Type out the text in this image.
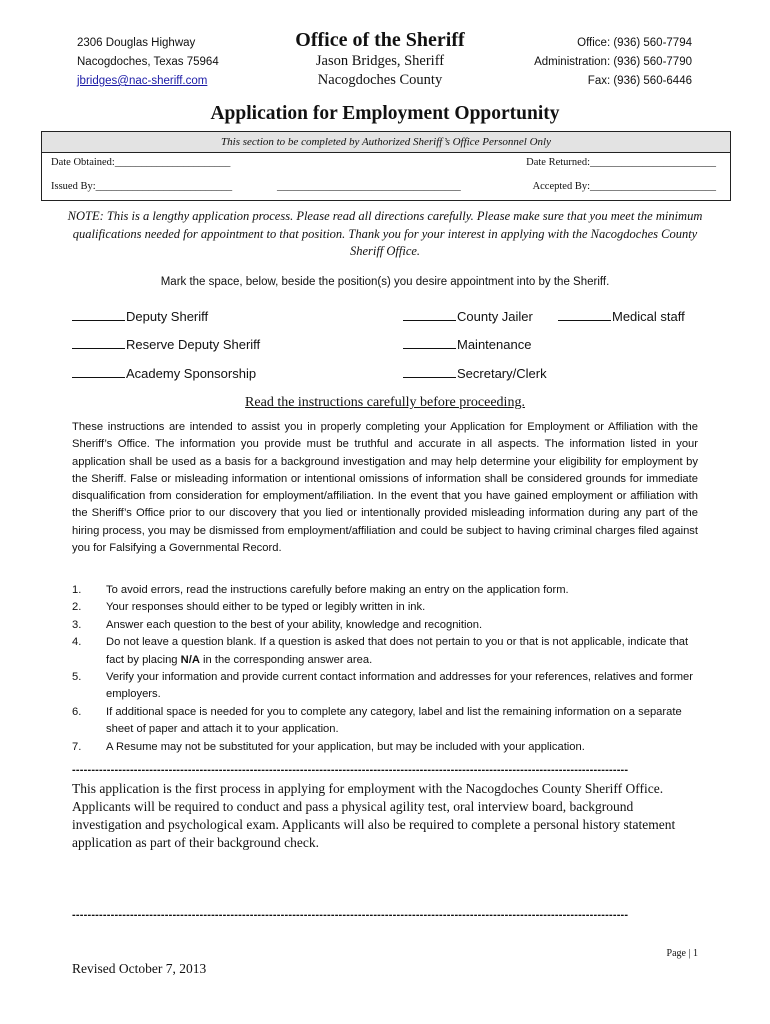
2306 Douglas Highway
Nacogdoches, Texas 75964
jbridges@nac-sheriff.com
Office of the Sheriff
Jason Bridges, Sheriff
Nacogdoches County
Office: (936) 560-7794
Administration: (936) 560-7790
Fax: (936) 560-6446
Application for Employment Opportunity
This section to be completed by Authorized Sheriff’s Office Personnel Only
Date Obtained:______________________	Date Returned:________________________
Issued By:__________________________	___________________________________	Accepted By:________________________
NOTE: This is a lengthy application process. Please read all directions carefully. Please make sure that you meet the minimum qualifications needed for appointment to that position. Thank you for your interest in applying with the Nacogdoches County Sheriff Office.
Mark the space, below, beside the position(s) you desire appointment into by the Sheriff.
Deputy Sheriff	County Jailer	Medical staff
Reserve Deputy Sheriff	Maintenance
Academy Sponsorship	Secretary/Clerk
Read the instructions carefully before proceeding.
These instructions are intended to assist you in properly completing your Application for Employment or Affiliation with the Sheriff’s Office. The information you provide must be truthful and accurate in all aspects. The information listed in your application shall be used as a basis for a background investigation and may help determine your eligibility for employment by the Sheriff. False or misleading information or intentional omissions of information shall be considered grounds for immediate disqualification from consideration for employment/affiliation. In the event that you have gained employment or affiliation with the Sheriff’s Office prior to our discovery that you lied or intentionally provided misleading information during any part of the hiring process, you may be dismissed from employment/affiliation and could be subject to having criminal charges filed against you for Falsifying a Governmental Record.
1. To avoid errors, read the instructions carefully before making an entry on the application form.
2. Your responses should either to be typed or legibly written in ink.
3. Answer each question to the best of your ability, knowledge and recognition.
4. Do not leave a question blank. If a question is asked that does not pertain to you or that is not applicable, indicate that fact by placing N/A in the corresponding answer area.
5. Verify your information and provide current contact information and addresses for your references, relatives and former employers.
6. If additional space is needed for you to complete any category, label and list the remaining information on a separate sheet of paper and attach it to your application.
7. A Resume may not be substituted for your application, but may be included with your application.
------------------------------------------------------------------------------------------------------------------------------------------------
This application is the first process in applying for employment with the Nacogdoches County Sheriff Office. Applicants will be required to conduct and pass a physical agility test, oral interview board, background investigation and psychological exam. Applicants will also be required to complete a personal history statement application as part of their background check.
------------------------------------------------------------------------------------------------------------------------------------------------
Page | 1
Revised October 7, 2013
